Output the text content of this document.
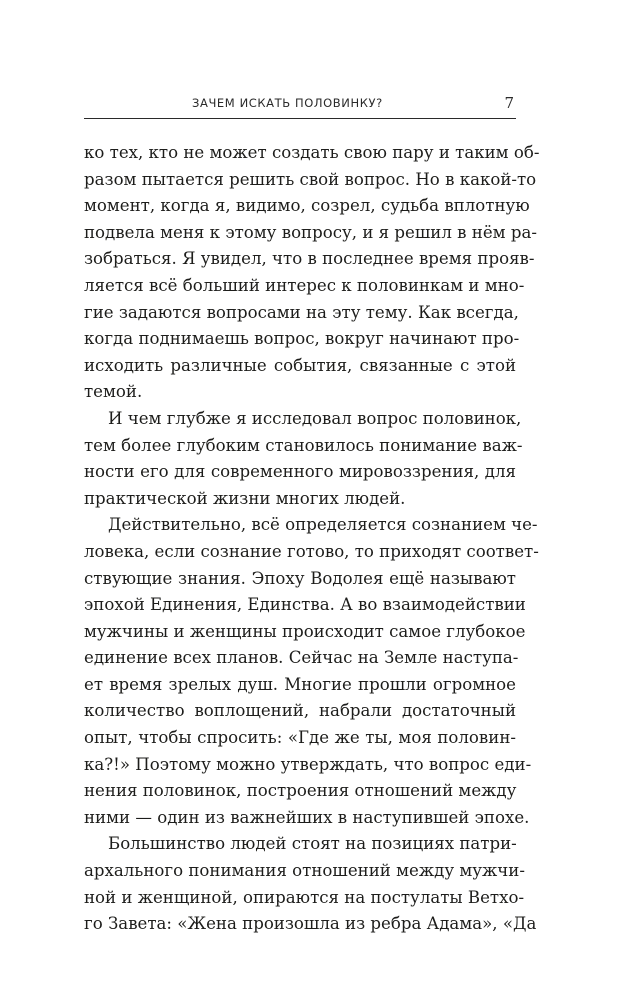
ЗАЧЕМ ИСКАТЬ ПОЛОВИНКУ?	7
ко тех, кто не может создать свою пару и таким об-
разом пытается решить свой вопрос. Но в какой-то
момент, когда я, видимо, созрел, судьба вплотную
подвела меня к этому вопросу, и я решил в нём ра-
зобраться. Я увидел, что в последнее время прояв-
ляется всё больший интерес к половинкам и мно-
гие задаются вопросами на эту тему. Как всегда,
когда поднимаешь вопрос, вокруг начинают про-
исходить различные события, связанные с этой
темой.
И чем глубже я исследовал вопрос половинок,
тем более глубоким становилось понимание важ-
ности его для современного мировоззрения, для
практической жизни многих людей.
Действительно, всё определяется сознанием че-
ловека, если сознание готово, то приходят соответ-
ствующие знания. Эпоху Водолея ещё называют
эпохой Единения, Единства. А во взаимодействии
мужчины и женщины происходит самое глубокое
единение всех планов. Сейчас на Земле наступа-
ет время зрелых душ. Многие прошли огромное
количество воплощений, набрали достаточный
опыт, чтобы спросить: «Где же ты, моя половин-
ка?!» Поэтому можно утверждать, что вопрос еди-
нения половинок, построения отношений между
ними — один из важнейших в наступившей эпохе.
Большинство людей стоят на позициях патри-
архального понимания отношений между мужчи-
ной и женщиной, опираются на постулаты Ветхо-
го Завета: «Жена произошла из ребра Адама», «Да
